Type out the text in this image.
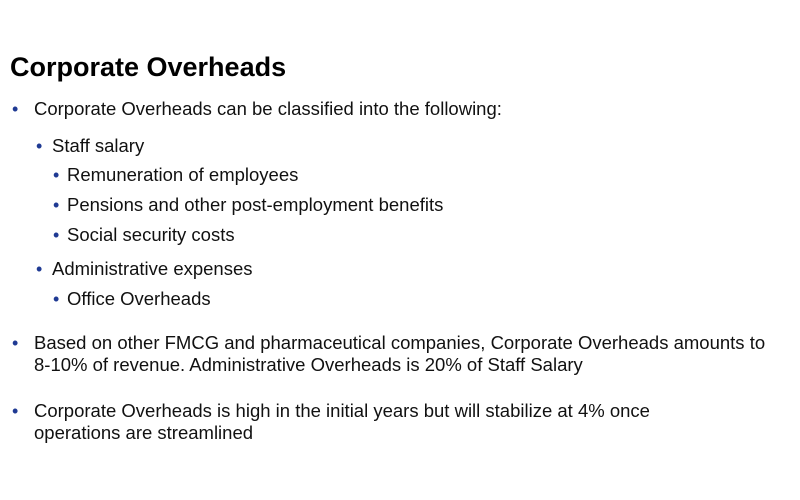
Corporate Overheads
• Corporate Overheads can be classified into the following:
• Staff salary
• Remuneration of employees
• Pensions and other post-employment benefits
• Social security costs
• Administrative expenses
• Office Overheads
• Based on other FMCG and pharmaceutical companies, Corporate Overheads amounts to 8-10% of revenue. Administrative Overheads is 20% of Staff Salary
• Corporate Overheads is high in the initial years but will stabilize at 4% once operations are streamlined
